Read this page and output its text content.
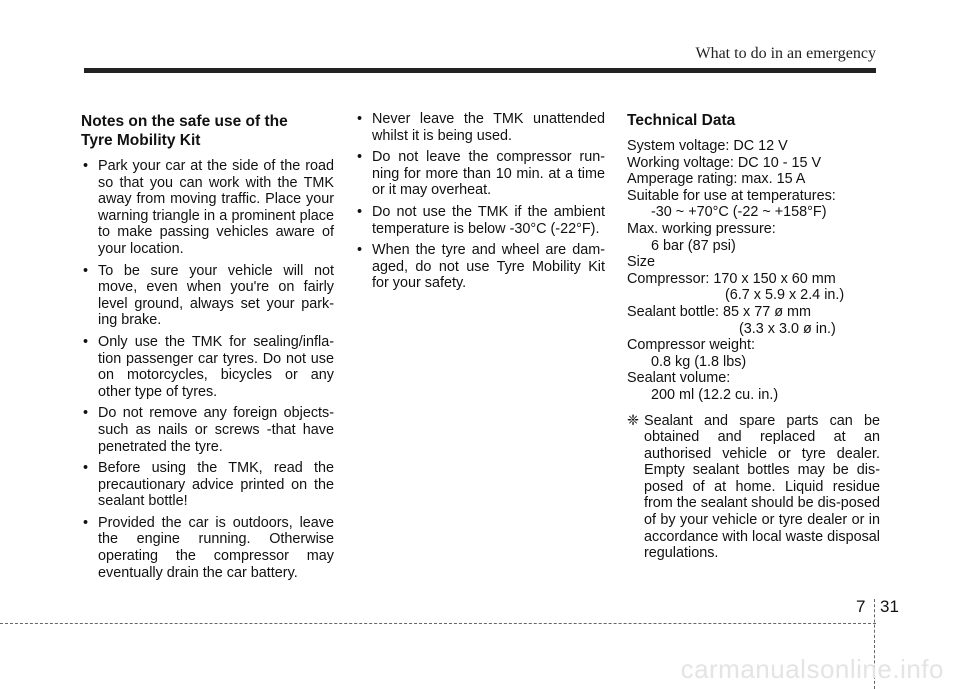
What to do in an emergency
Notes on the safe use of the
Tyre Mobility Kit
• Park your car at the side of the road so that you can work with the TMK away from moving traffic. Place your warning triangle in a prominent place to make passing vehicles aware of your location.
• To be sure your vehicle will not move, even when you're on fairly level ground, always set your park-ing brake.
• Only use the TMK for sealing/infla-tion passenger car tyres. Do not use on motorcycles, bicycles or any other type of tyres.
• Do not remove any foreign objects- such as nails or screws -that have penetrated the tyre.
• Before using the TMK, read the precautionary advice printed on the sealant bottle!
• Provided the car is outdoors, leave the engine running. Otherwise operating the compressor may eventually drain the car battery.
• Never leave the TMK unattended whilst it is being used.
• Do not leave the compressor run-ning for more than 10 min. at a time or it may overheat.
• Do not use the TMK if the ambient temperature is below -30°C (-22°F).
• When the tyre and wheel are dam-aged, do not use Tyre Mobility Kit for your safety.
Technical Data
System voltage: DC 12 V
Working voltage: DC 10 - 15 V
Amperage rating: max. 15 A
Suitable for use at temperatures:
-30 ~ +70°C (-22 ~ +158°F)
Max. working pressure:
6 bar (87 psi)
Size
Compressor: 170 x 150 x 60 mm
(6.7 x 5.9 x 2.4 in.)
Sealant bottle: 85 x 77 ø mm
(3.3 x 3.0 ø in.)
Compressor weight:
0.8 kg (1.8 lbs)
Sealant volume:
200 ml (12.2 cu. in.)
❈ Sealant and spare parts can be obtained and replaced at an authorised vehicle or tyre dealer. Empty sealant bottles may be dis-posed of at home. Liquid residue from the sealant should be dis-posed of by your vehicle or tyre dealer or in accordance with local waste disposal regulations.
7 31
carmanualsonline.info
